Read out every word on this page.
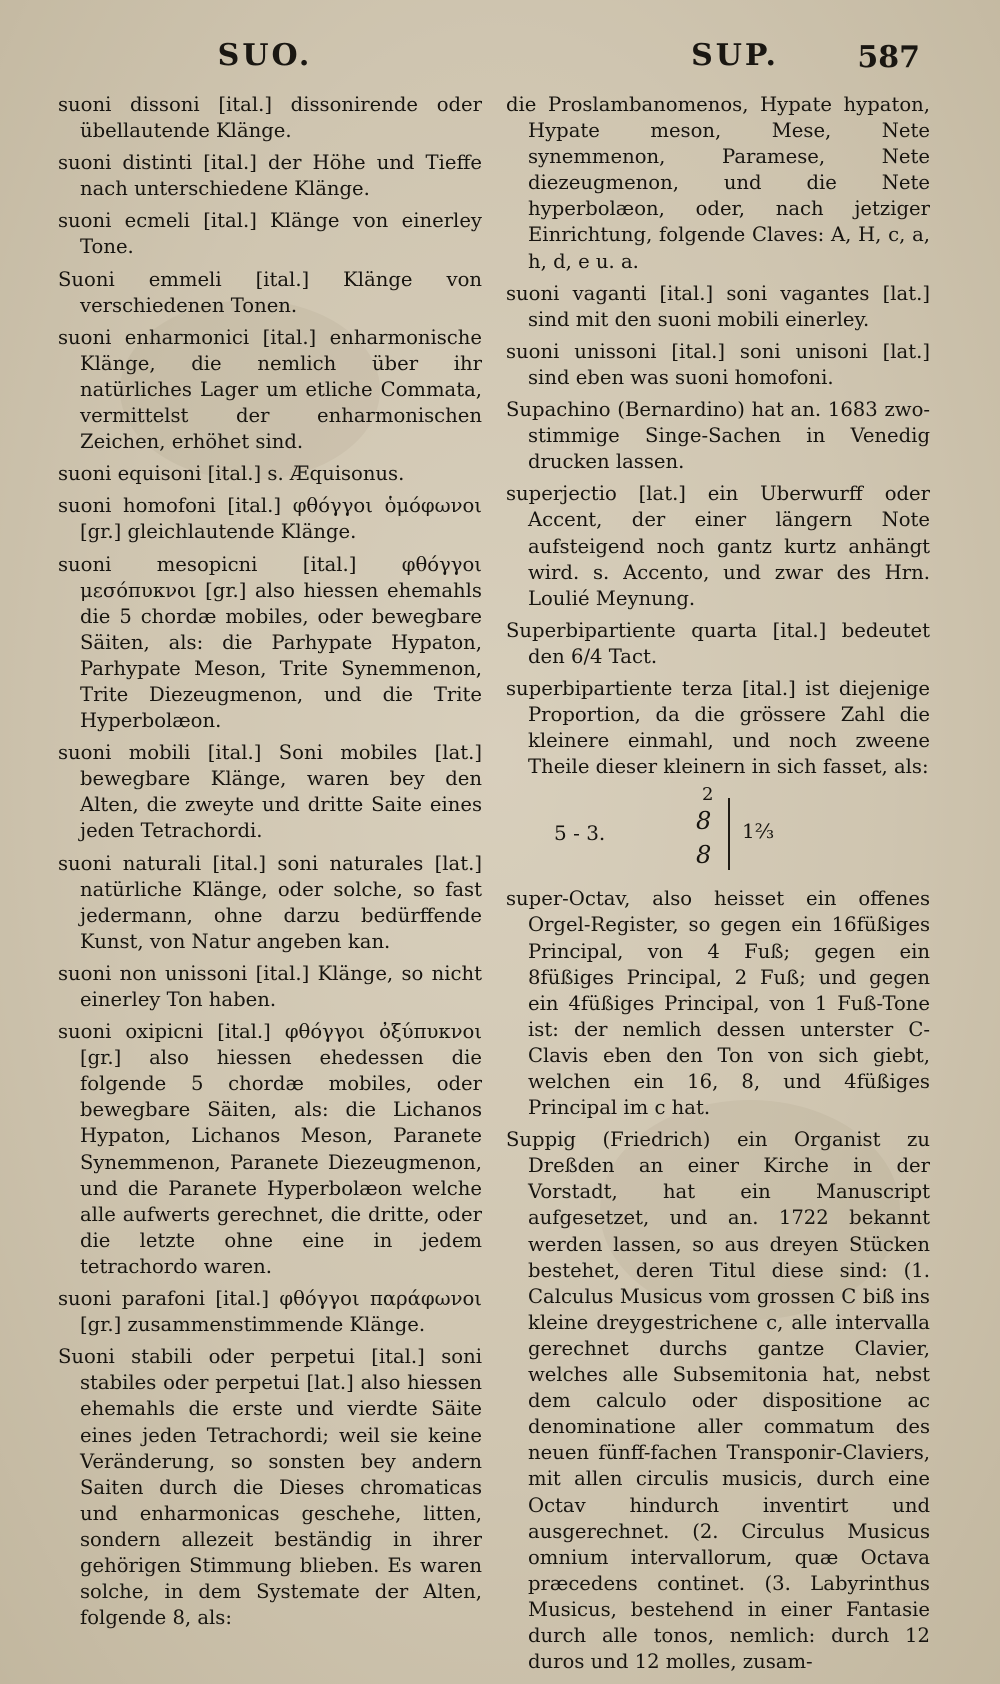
SUO.	SUP.	587

suoni dissoni [ital.] dissonirende oder übellautende Klänge.

suoni distinti [ital.] der Höhe und Tieffe nach unterschiedene Klänge.

suoni ecmeli [ital.] Klänge von einerley Tone.

Suoni emmeli [ital.] Klänge von verschiedenen Tonen.

suoni enharmonici [ital.] enharmonische Klänge, die nemlich über ihr natürliches Lager um etliche Commata, vermittelst der enharmonischen Zeichen, erhöhet sind.

suoni equisoni [ital.] s. Æquisonus.

suoni homofoni [ital.] φθόγγοι ὁμόφωνοι [gr.] gleichlautende Klänge.

suoni mesopicni [ital.] φθόγγοι μεσόπυκνοι [gr.] also hiessen ehemahls die 5 chordæ mobiles, oder bewegbare Säiten, als: die Parhypate Hypaton, Parhypate Meson, Trite Synemmenon, Trite Diezeugmenon, und die Trite Hyperbolæon.

suoni mobili [ital.] Soni mobiles [lat.] bewegbare Klänge, waren bey den Alten, die zweyte und dritte Saite eines jeden Tetrachordi.

suoni naturali [ital.] soni naturales [lat.] natürliche Klänge, oder solche, so fast jedermann, ohne darzu bedürffende Kunst, von Natur angeben kan.

suoni non unissoni [ital.] Klänge, so nicht einerley Ton haben.

suoni oxipicni [ital.] φθόγγοι ὀξύπυκνοι [gr.] also hiessen ehedessen die folgende 5 chordæ mobiles, oder bewegbare Säiten, als: die Lichanos Hypaton, Lichanos Meson, Paranete Synemmenon, Paranete Diezeugmenon, und die Paranete Hyperbolæon welche alle aufwerts gerechnet, die dritte, oder die letzte ohne eine in jedem tetrachordo waren.

suoni parafoni [ital.] φθόγγοι παράφωνοι [gr.] zusammenstimmende Klänge.

Suoni stabili oder perpetui [ital.] soni stabiles oder perpetui [lat.] also hiessen ehemahls die erste und vierdte Säite eines jeden Tetrachordi; weil sie keine Veränderung, so sonsten bey andern Saiten durch die Dieses chromaticas und enharmonicas geschehe, litten, sondern allezeit beständig in ihrer gehörigen Stimmung blieben. Es waren solche, in dem Systemate der Alten, folgende 8, als:

die Proslambanomenos, Hypate hypaton, Hypate meson, Mese, Nete synemmenon, Paramese, Nete diezeugmenon, und die Nete hyperbolæon, oder, nach jetziger Einrichtung, folgende Claves: A, H, c, a, h, d, e u. a.

suoni vaganti [ital.] soni vagantes [lat.] sind mit den suoni mobili einerley.

suoni unissoni [ital.] soni unisoni [lat.] sind eben was suoni homofoni.

Supachino (Bernardino) hat an. 1683 zwo-stimmige Singe-Sachen in Venedig drucken lassen.

superjectio [lat.] ein Uberwurff oder Accent, der einer längern Note aufsteigend noch gantz kurtz anhängt wird. s. Accento, und zwar des Hrn. Loulié Meynung.

Superbipartiente quarta [ital.] bedeutet den 6/4 Tact.

superbipartiente terza [ital.] ist diejenige Proportion, da die grössere Zahl die kleinere einmahl, und noch zweene Theile dieser kleinern in sich fasset, als:

5 - 3.
2
8
8
1⅔

super-Octav, also heisset ein offenes Orgel-Register, so gegen ein 16füßiges Principal, von 4 Fuß; gegen ein 8füßiges Principal, 2 Fuß; und gegen ein 4füßiges Principal, von 1 Fuß-Tone ist: der nemlich dessen unterster C-Clavis eben den Ton von sich giebt, welchen ein 16, 8, und 4füßiges Principal im c hat.

Suppig (Friedrich) ein Organist zu Dreßden an einer Kirche in der Vorstadt, hat ein Manuscript aufgesetzet, und an. 1722 bekannt werden lassen, so aus dreyen Stücken bestehet, deren Titul diese sind: (1. Calculus Musicus vom grossen C biß ins kleine dreygestrichene c, alle intervalla gerechnet durchs gantze Clavier, welches alle Subsemitonia hat, nebst dem calculo oder dispositione ac denominatione aller commatum des neuen fünff-fachen Transponir-Claviers, mit allen circulis musicis, durch eine Octav hindurch inventirt und ausgerechnet. (2. Circulus Musicus omnium intervallorum, quæ Octava præcedens continet. (3. Labyrinthus Musicus, bestehend in einer Fantasie durch alle tonos, nemlich: durch 12 duros und 12 molles, zusam-
